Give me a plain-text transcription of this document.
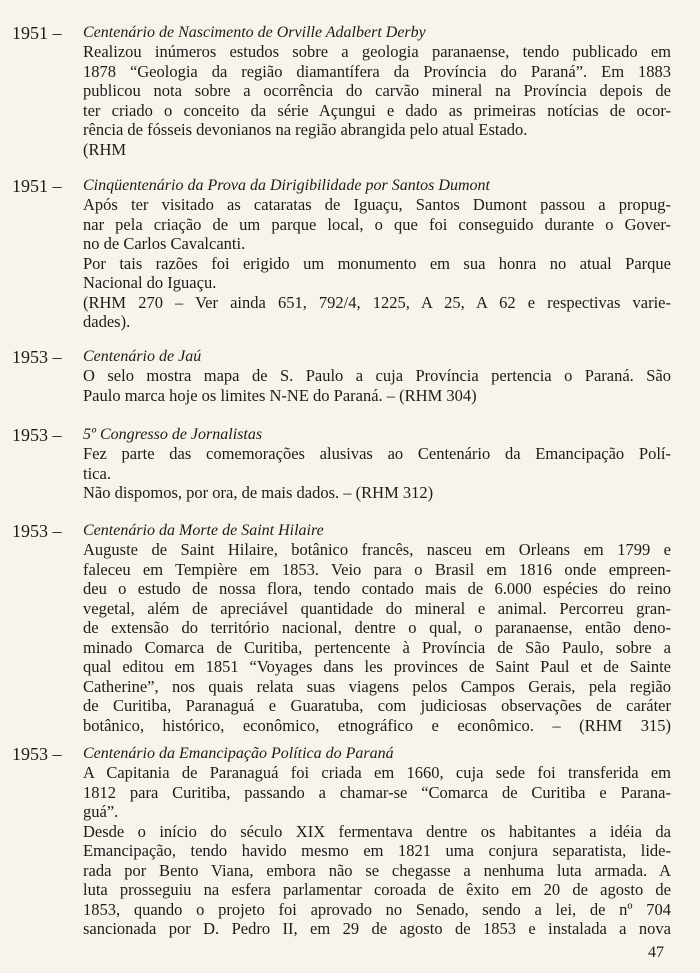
1951 – Centenário de Nascimento de Orville Adalbert Derby
Realizou inúmeros estudos sobre a geologia paranaense, tendo publicado em
1878 “Geologia da região diamantífera da Província do Paraná”. Em 1883
publicou nota sobre a ocorrência do carvão mineral na Província depois de
ter criado o conceito da série Açungui e dado as primeiras notícias de ocor-
rência de fósseis devonianos na região abrangida pelo atual Estado.
(RHM
1951 – Cinqüentenário da Prova da Dirigibilidade por Santos Dumont
Após ter visitado as cataratas de Iguaçu, Santos Dumont passou a propug-
nar pela criação de um parque local, o que foi conseguido durante o Gover-
no de Carlos Cavalcanti.
Por tais razões foi erigido um monumento em sua honra no atual Parque
Nacional do Iguaçu.
(RHM 270 – Ver ainda 651, 792/4, 1225, A 25, A 62 e respectivas varie-
dades).
1953 – Centenário de Jaú
O selo mostra mapa de S. Paulo a cuja Província pertencia o Paraná. São
Paulo marca hoje os limites N-NE do Paraná. – (RHM 304)
1953 – 5º Congresso de Jornalistas
Fez parte das comemorações alusivas ao Centenário da Emancipação Polí-
tica.
Não dispomos, por ora, de mais dados. – (RHM 312)
1953 – Centenário da Morte de Saint Hilaire
Auguste de Saint Hilaire, botânico francês, nasceu em Orleans em 1799 e
faleceu em Tempière em 1853. Veio para o Brasil em 1816 onde empreen-
deu o estudo de nossa flora, tendo contado mais de 6.000 espécies do reino
vegetal, além de apreciável quantidade do mineral e animal. Percorreu gran-
de extensão do território nacional, dentre o qual, o paranaense, então deno-
minado Comarca de Curitiba, pertencente à Província de São Paulo, sobre a
qual editou em 1851 “Voyages dans les provinces de Saint Paul et de Sainte
Catherine”, nos quais relata suas viagens pelos Campos Gerais, pela região
de Curitiba, Paranaguá e Guaratuba, com judiciosas observações de caráter
botânico, histórico, econômico, etnográfico e econômico. – (RHM 315)
1953 – Centenário da Emancipação Política do Paraná
A Capitania de Paranaguá foi criada em 1660, cuja sede foi transferida em
1812 para Curitiba, passando a chamar-se “Comarca de Curitiba e Parana-
guá”.
Desde o início do século XIX fermentava dentre os habitantes a idéia da
Emancipação, tendo havido mesmo em 1821 uma conjura separatista, lide-
rada por Bento Viana, embora não se chegasse a nenhuma luta armada. A
luta prosseguiu na esfera parlamentar coroada de êxito em 20 de agosto de
1853, quando o projeto foi aprovado no Senado, sendo a lei, de nº 704
sancionada por D. Pedro II, em 29 de agosto de 1853 e instalada a nova
47
